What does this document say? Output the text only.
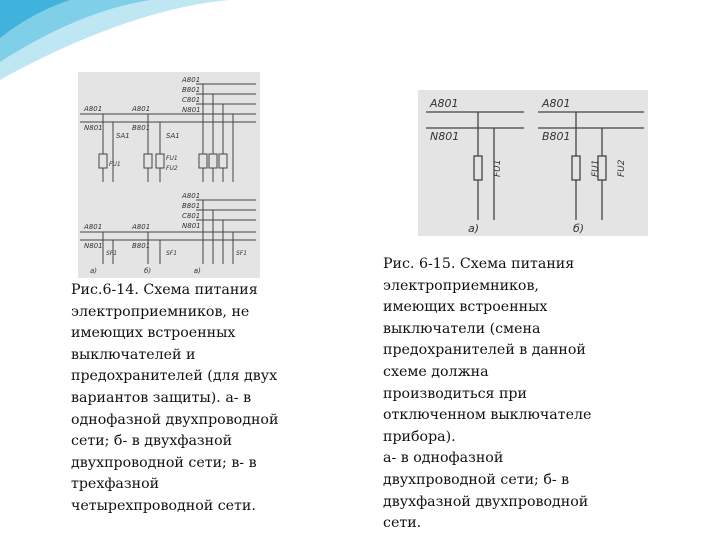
A801
N801
SA1
FU1
A801
B801
SA1
FU1
FU2
A801
B801
C801
N801
A801
B801
C801
N801
A801
N801
SF1
A801
B801
SF1	SF1
а)	б)	в)
Рис.6-14. Схема питания
электроприемников, не
имеющих встроенных
выключателей и
предохранителей (для двух
вариантов защиты). а- в
однофазной двухпроводной
сети; б- в двухфазной
двухпроводной сети; в- в
трехфазной
четырехпроводной сети.
A801
N801
FU1
A801
B801
FU1 FU2
а)	б)
Рис. 6-15. Схема питания
электроприемников,
имеющих встроенных
выключатели (смена
предохранителей в данной
схеме должна
производиться при
отключенном выключателе
прибора).
а- в однофазной
двухпроводной сети; б- в
двухфазной двухпроводной
сети.
